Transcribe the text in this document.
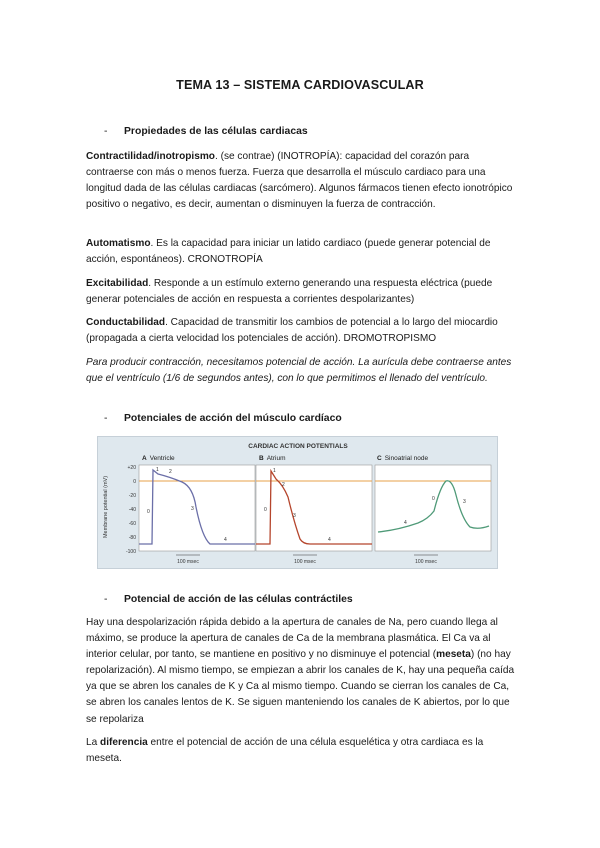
TEMA 13 – SISTEMA CARDIOVASCULAR
- Propiedades de las células cardiacas

Contractilidad/inotropismo. (se contrae) (INOTROPÍA): capacidad del corazón para contraerse con más o menos fuerza. Fuerza que desarrolla el músculo cardiaco para una longitud dada de las células cardiacas (sarcómero). Algunos fármacos tienen efecto ionotrópico positivo o negativo, es decir, aumentan o disminuyen la fuerza de contracción.

Automatismo. Es la capacidad para iniciar un latido cardiaco (puede generar potencial de acción, espontáneos). CRONOTROPÍA

Excitabilidad. Responde a un estímulo externo generando una respuesta eléctrica (puede generar potenciales de acción en respuesta a corrientes despolarizantes)

Conductabilidad. Capacidad de transmitir los cambios de potencial a lo largo del miocardio (propagada a cierta velocidad los potenciales de acción). DROMOTROPISMO

Para producir contracción, necesitamos potencial de acción. La aurícula debe contraerse antes que el ventrículo (1/6 de segundos antes), con lo que permitimos el llenado del ventrículo.

- Potenciales de acción del músculo cardíaco
CARDIAC ACTION POTENTIALS
Membrane potential (mV)
+20
0
-20
-40
-60
-80
-100
A Ventricle
1 2
0	3
4
100 msec
B Atrium
1
2
0
3
4
100 msec
C Sinoatrial node
0	3
4
100 msec
- Potencial de acción de las células contráctiles

Hay una despolarización rápida debido a la apertura de canales de Na, pero cuando llega al máximo, se produce la apertura de canales de Ca de la membrana plasmática. El Ca va al interior celular, por tanto, se mantiene en positivo y no disminuye el potencial (meseta) (no hay repolarización). Al mismo tiempo, se empiezan a abrir los canales de K, hay una pequeña caída ya que se abren los canales de K y Ca al mismo tiempo. Cuando se cierran los canales de Ca, se abren los canales lentos de K. Se siguen manteniendo los canales de K abiertos, por lo que se repolariza

La diferencia entre el potencial de acción de una célula esquelética y otra cardiaca es la meseta.
